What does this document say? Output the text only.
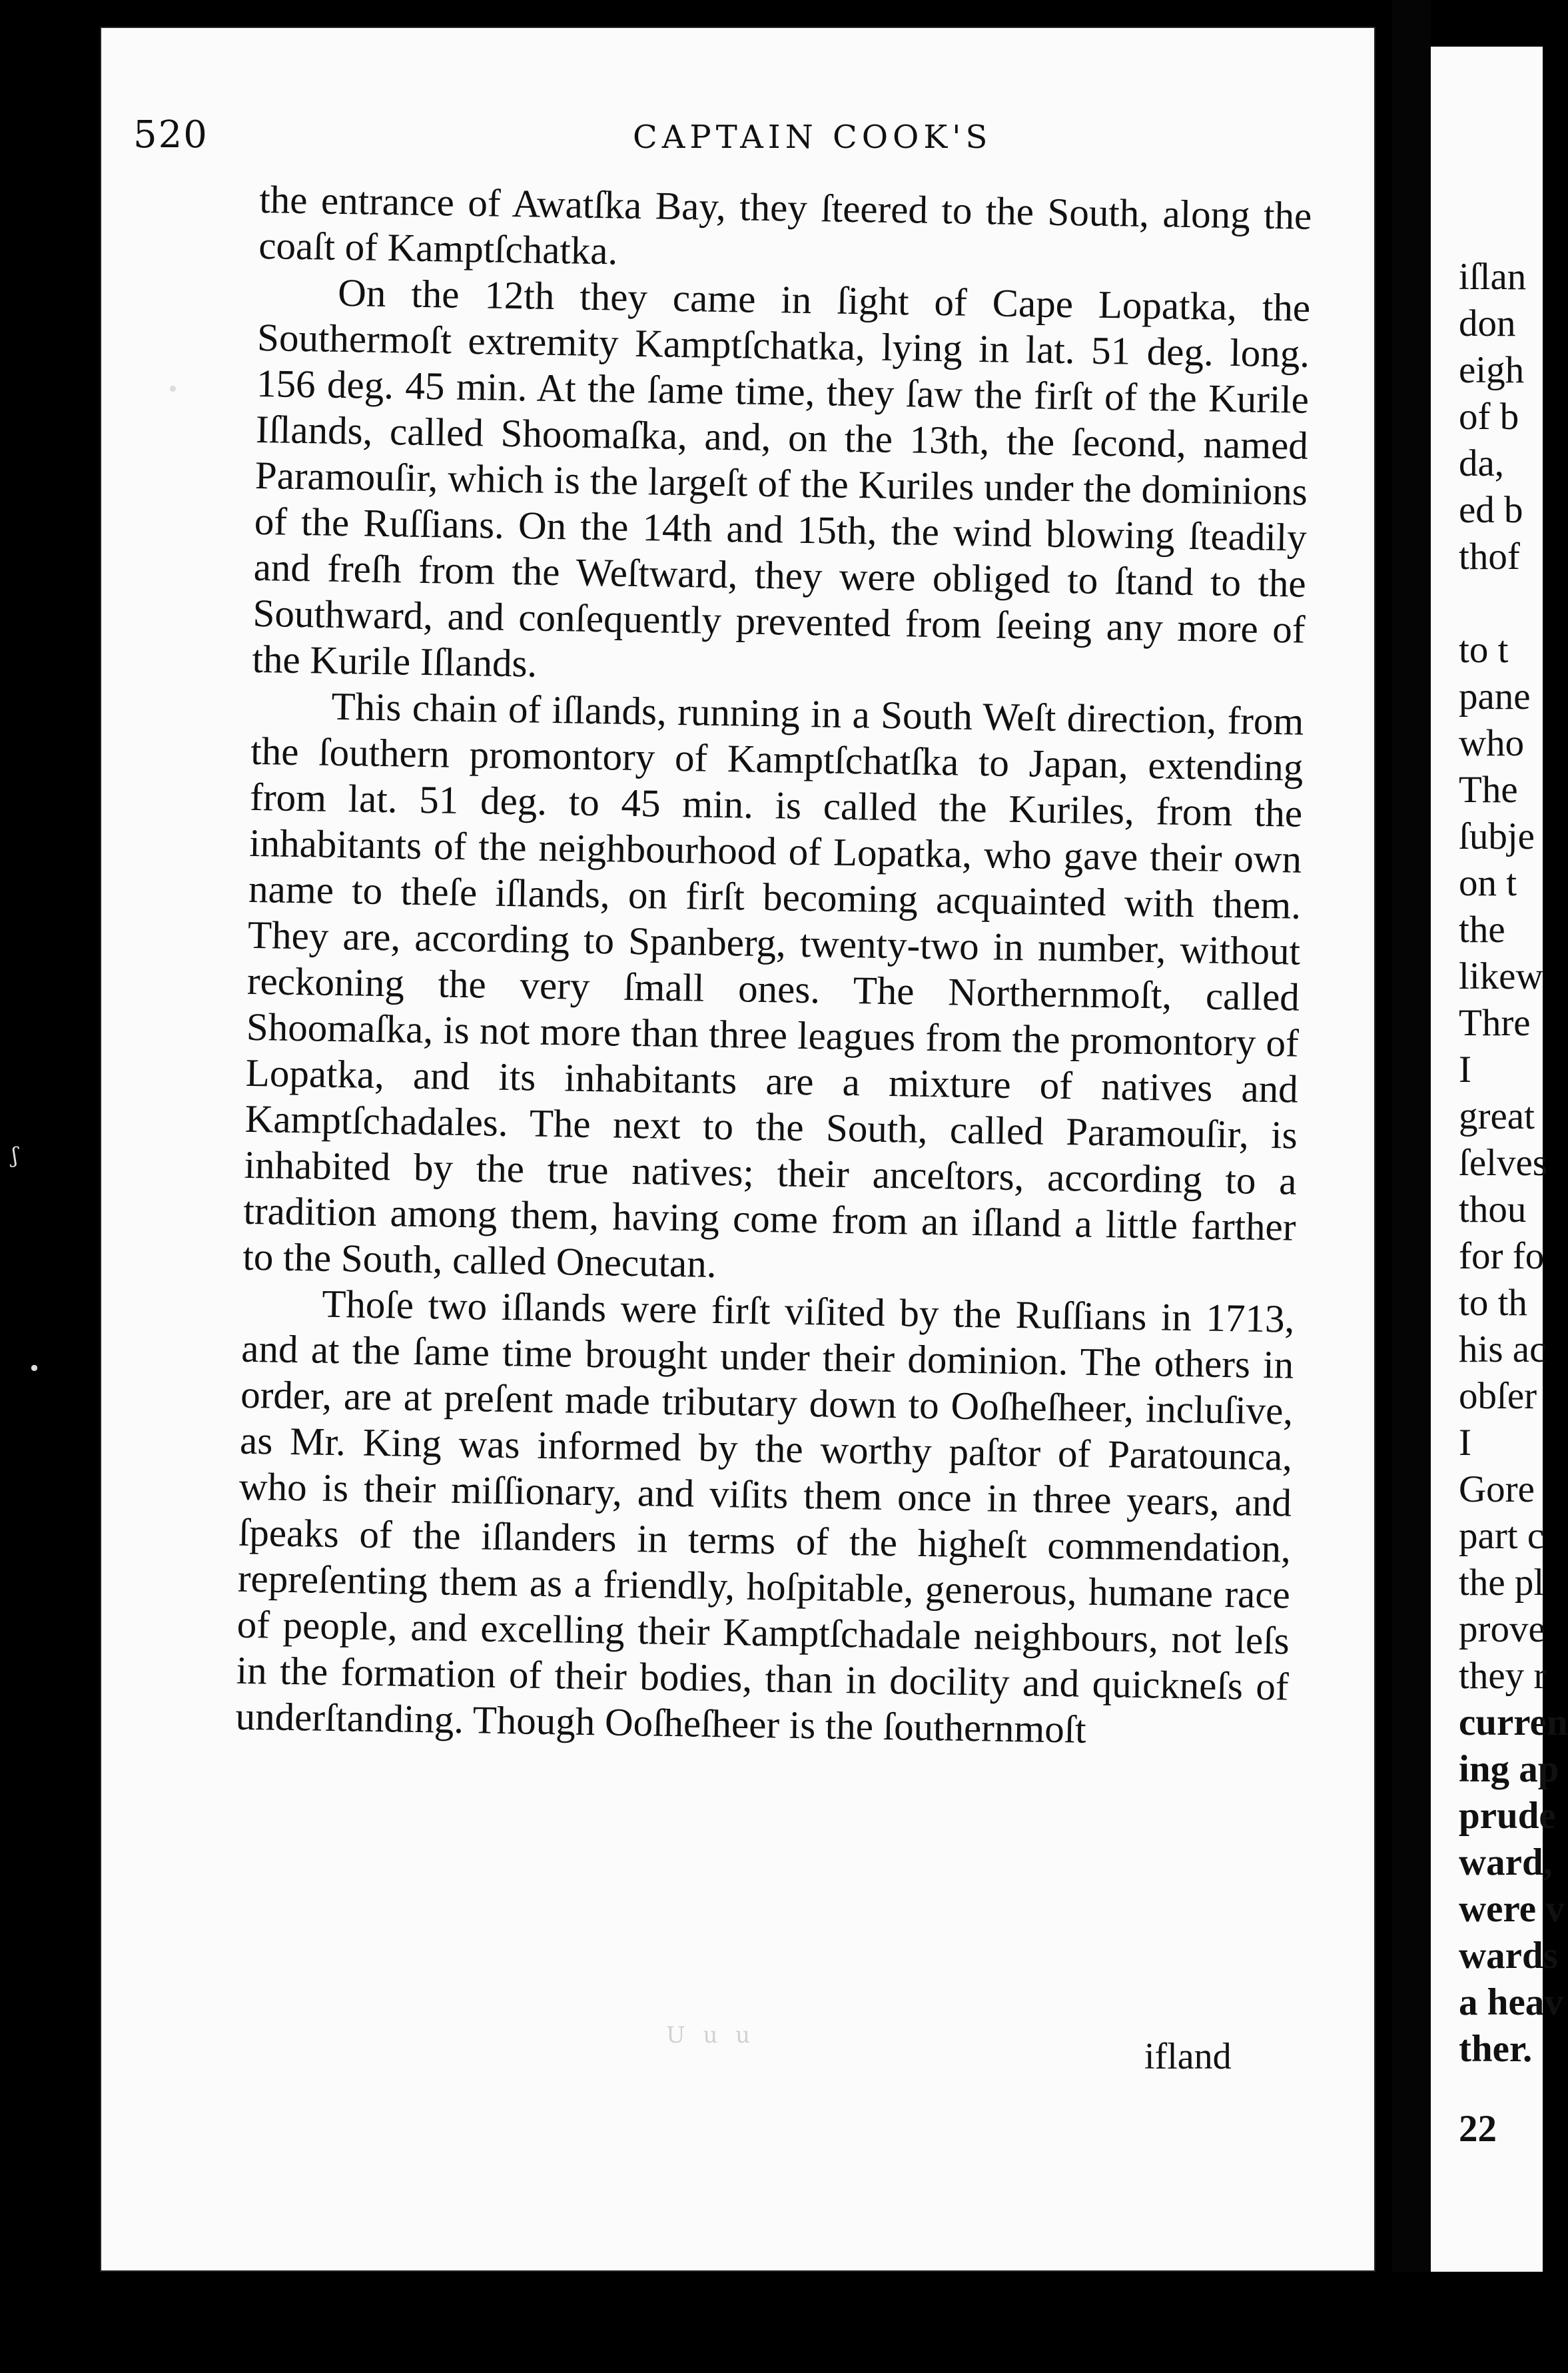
520	CAPTAIN COOK'S

the entrance of Awatſka Bay, they ſteered to the South, along the coaſt of Kamptſchatka.

On the 12th they came in ſight of Cape Lopatka, the Southermoſt extremity Kamptſchatka, lying in lat. 51 deg. long. 156 deg. 45 min. At the ſame time, they ſaw the firſt of the Kurile Iſlands, called Shoomaſka, and, on the 13th, the ſecond, named Paramouſir, which is the largeſt of the Kuriles under the dominions of the Ruſſians. On the 14th and 15th, the wind blowing ſteadily and freſh from the Weſtward, they were obliged to ſtand to the Southward, and conſequently prevented from ſeeing any more of the Kurile Iſlands.

This chain of iſlands, running in a South Weſt direction, from the ſouthern promontory of Kamptſchatſka to Japan, extending from lat. 51 deg. to 45 min. is called the Kuriles, from the inhabitants of the neighbourhood of Lopatka, who gave their own name to theſe iſlands, on firſt becoming acquainted with them. They are, according to Spanberg, twenty-two in number, without reckoning the very ſmall ones. The Northernmoſt, called Shoomaſka, is not more than three leagues from the promontory of Lopatka, and its inhabitants are a mixture of natives and Kamptſchadales. The next to the South, called Paramouſir, is inhabited by the true natives; their anceſtors, according to a tradition among them, having come from an iſland a little farther to the South, called Onecutan.

Thoſe two iſlands were firſt viſited by the Ruſſians in 1713, and at the ſame time brought under their dominion. The others in order, are at preſent made tributary down to Ooſheſheer, incluſive, as Mr. King was informed by the worthy paſtor of Paratounca, who is their miſſionary, and viſits them once in three years, and ſpeaks of the iſlanders in terms of the higheſt commendation, repreſenting them as a friendly, hoſpitable, generous, humane race of people, and excelling their Kamptſchadale neighbours, not leſs in the formation of their bodies, than in docility and quickneſs of underſtanding. Though Ooſheſheer is the ſouthernmoſt

U u u
ifland
iſlan
don
eigh
of b
da,
ed b
thof
to t
pane
who
The
ſubje
on t
the
likew
Thre
I
great
ſelves
thou
for fo
to th
his ac
obſer
I
Gore
part c
the pl
prove
they r
curren
ing ap
prude
ward,
were v
wards
a heav
ther.
22
•
ʃ
•
